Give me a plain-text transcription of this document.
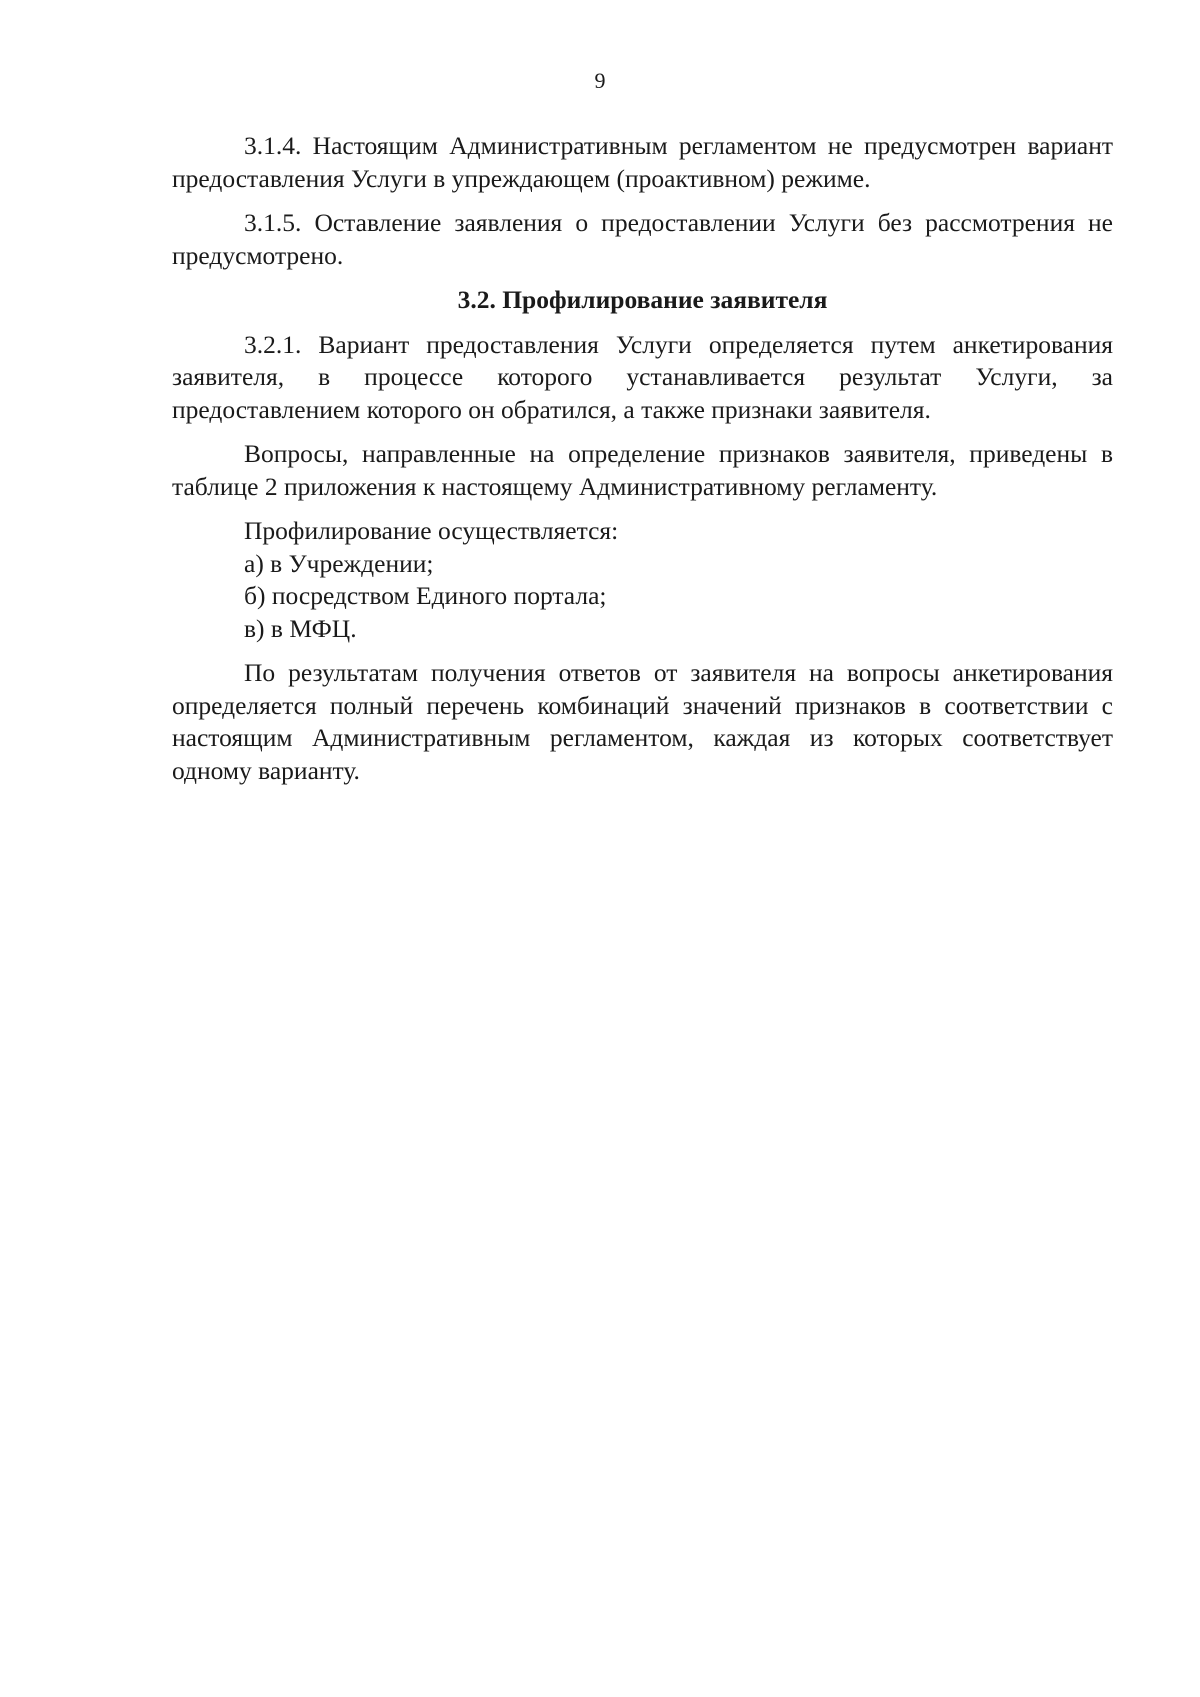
9

3.1.4. Настоящим Административным регламентом не предусмотрен вариант предоставления Услуги в упреждающем (проактивном) режиме.

3.1.5. Оставление заявления о предоставлении Услуги без рассмотрения не предусмотрено.

3.2. Профилирование заявителя

3.2.1. Вариант предоставления Услуги определяется путем анкетирования заявителя, в процессе которого устанавливается результат Услуги, за предоставлением которого он обратился, а также признаки заявителя.

Вопросы, направленные на определение признаков заявителя, приведены в таблице 2 приложения к настоящему Административному регламенту.

Профилирование осуществляется:

а) в Учреждении;

б) посредством Единого портала;

в) в МФЦ.

По результатам получения ответов от заявителя на вопросы анкетирования определяется полный перечень комбинаций значений признаков в соответствии с настоящим Административным регламентом, каждая из которых соответствует одному варианту.
